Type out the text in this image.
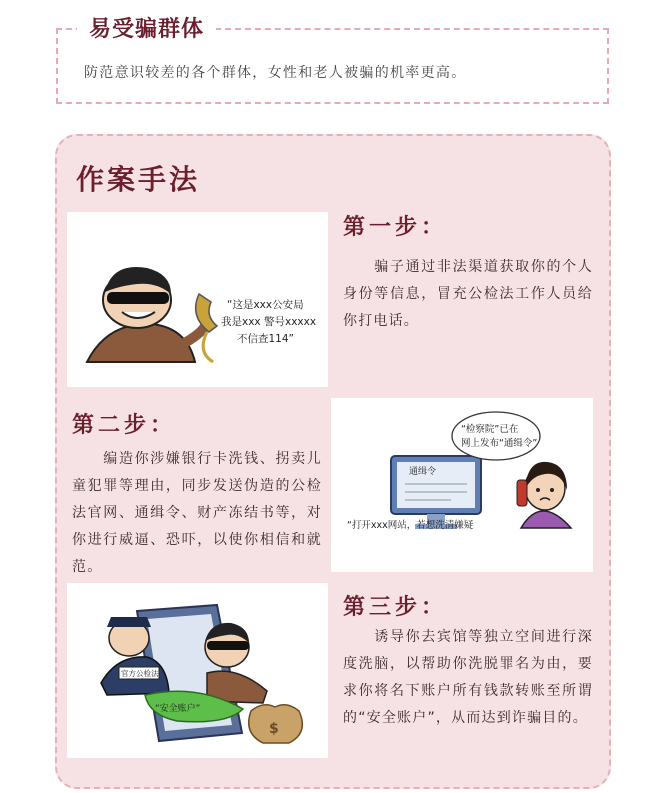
易受骗群体
防范意识较差的各个群体，女性和老人被骗的机率更高。
作案手法
“这是xxx公安局
我是xxx 警号xxxxx
不信查114”
第一步：
　　骗子通过非法渠道获取你的个人身份等信息，冒充公检法工作人员给你打电话。
第二步：
　　编造你涉嫌银行卡洗钱、拐卖儿童犯罪等理由，同步发送伪造的公检法官网、通缉令、财产冻结书等，对你进行威逼、恐吓，以使你相信和就范。
通缉令
“检察院”已在
网上发布“通缉令”
“打开xxx网站，若想洗清嫌疑
官方公检法
“安全账户”
$
第三步：
　　诱导你去宾馆等独立空间进行深度洗脑，以帮助你洗脱罪名为由，要求你将名下账户所有钱款转账至所谓的“安全账户”，从而达到诈骗目的。
